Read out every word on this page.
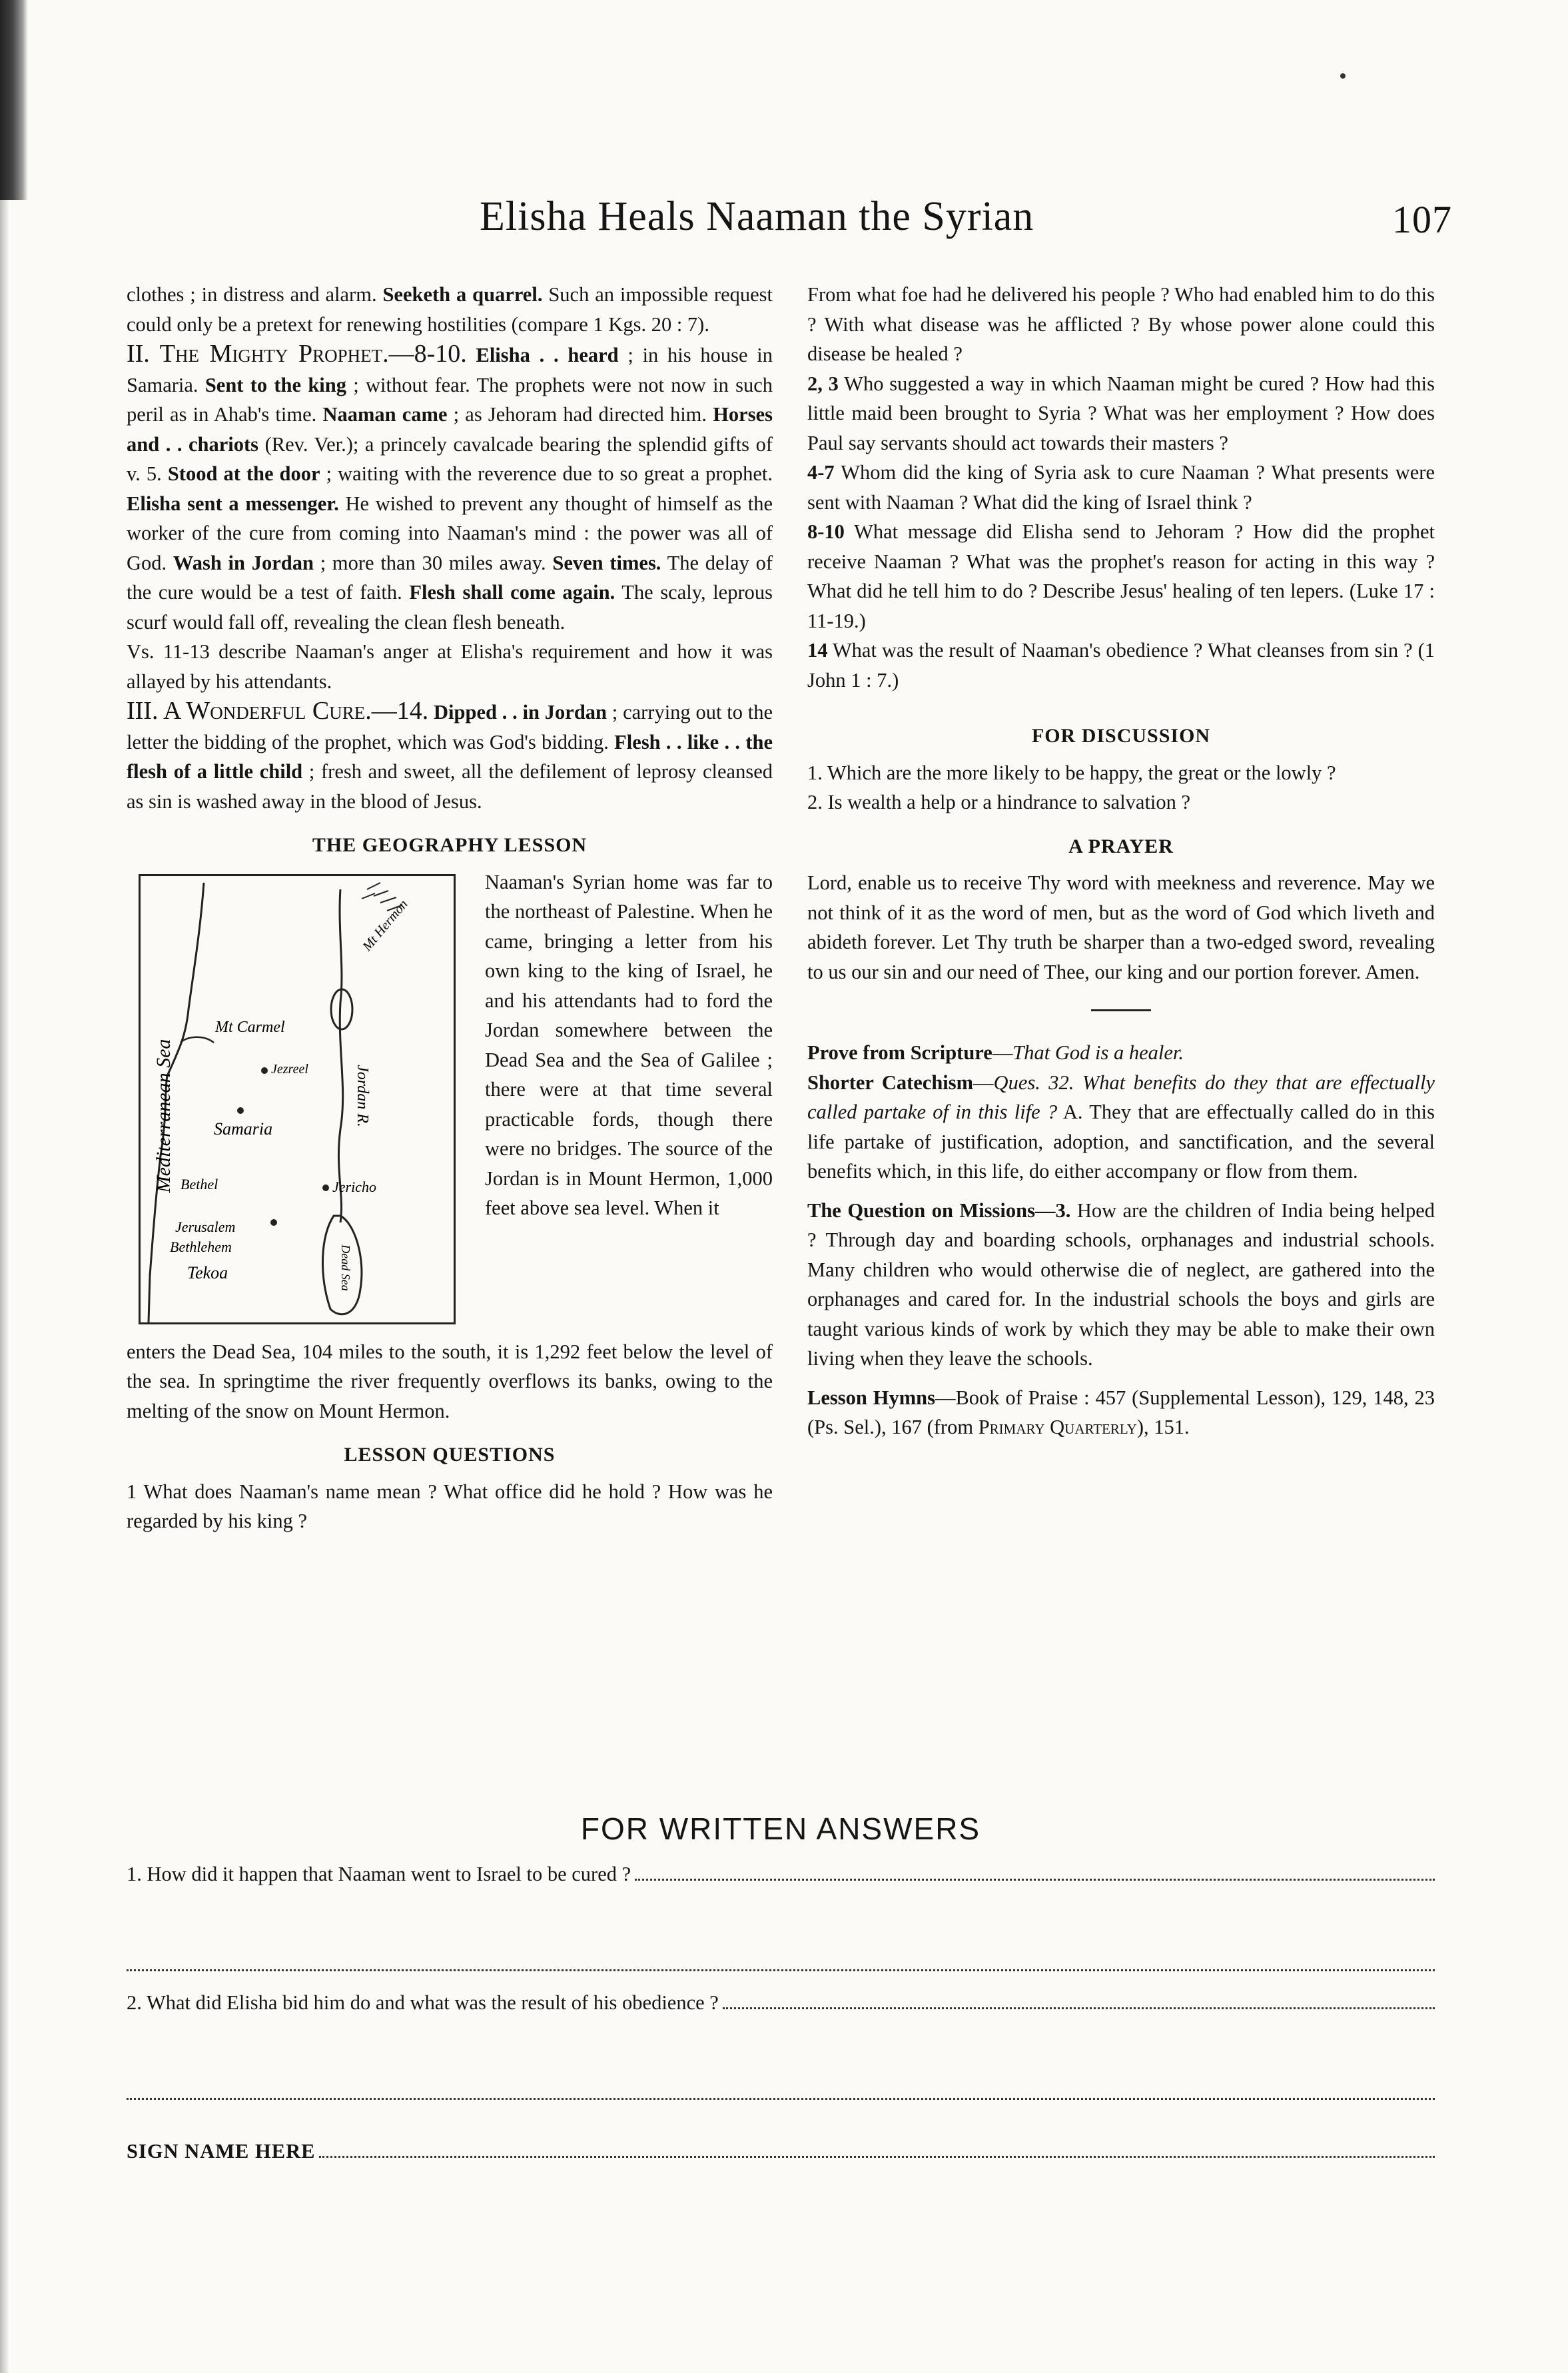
Elisha Heals Naaman the Syrian	107

clothes ; in distress and alarm. Seeketh a quarrel. Such an impossible request could only be a pretext for renewing hostilities (compare 1 Kgs. 20 : 7).

II. The Mighty Prophet.—8-10. Elisha . . heard ; in his house in Samaria. Sent to the king ; without fear. The prophets were not now in such peril as in Ahab's time. Naaman came ; as Jehoram had directed him. Horses and . . chariots (Rev. Ver.); a princely cavalcade bearing the splendid gifts of v. 5. Stood at the door ; waiting with the reverence due to so great a prophet. Elisha sent a messenger. He wished to prevent any thought of himself as the worker of the cure from coming into Naaman's mind : the power was all of God. Wash in Jordan ; more than 30 miles away. Seven times. The delay of the cure would be a test of faith. Flesh shall come again. The scaly, leprous scurf would fall off, revealing the clean flesh beneath.

Vs. 11-13 describe Naaman's anger at Elisha's requirement and how it was allayed by his attendants.

III. A Wonderful Cure.—14. Dipped . . in Jordan ; carrying out to the letter the bidding of the prophet, which was God's bidding. Flesh . . like . . the flesh of a little child ; fresh and sweet, all the defilement of leprosy cleansed as sin is washed away in the blood of Jesus.

THE GEOGRAPHY LESSON

Mediterranean Sea
Mt Hermon
Mt Carmel
Jezreel
Samaria
Jordan R.
Bethel	Jericho
Jerusalem
Bethlehem	Dead Sea
Tekoa
Naaman's Syrian home was far to the northeast of Palestine. When he came, bringing a letter from his own king to the king of Israel, he and his attendants had to ford the Jordan somewhere between the Dead Sea and the Sea of Galilee ; there were at that time several practicable fords, though there were no bridges. The source of the Jordan is in Mount Hermon, 1,000 feet above sea level. When it

enters the Dead Sea, 104 miles to the south, it is 1,292 feet below the level of the sea. In springtime the river frequently overflows its banks, owing to the melting of the snow on Mount Hermon.

LESSON QUESTIONS

1 What does Naaman's name mean ? What office did he hold ? How was he regarded by his king ?

From what foe had he delivered his people ? Who had enabled him to do this ? With what disease was he afflicted ? By whose power alone could this disease be healed ?

2, 3 Who suggested a way in which Naaman might be cured ? How had this little maid been brought to Syria ? What was her employment ? How does Paul say servants should act towards their masters ?

4-7 Whom did the king of Syria ask to cure Naaman ? What presents were sent with Naaman ? What did the king of Israel think ?

8-10 What message did Elisha send to Jehoram ? How did the prophet receive Naaman ? What was the prophet's reason for acting in this way ? What did he tell him to do ? Describe Jesus' healing of ten lepers. (Luke 17 : 11-19.)

14 What was the result of Naaman's obedience ? What cleanses from sin ? (1 John 1 : 7.)

FOR DISCUSSION

1. Which are the more likely to be happy, the great or the lowly ?

2. Is wealth a help or a hindrance to salvation ?

A PRAYER

Lord, enable us to receive Thy word with meekness and reverence. May we not think of it as the word of men, but as the word of God which liveth and abideth forever. Let Thy truth be sharper than a two-edged sword, revealing to us our sin and our need of Thee, our king and our portion forever. Amen.

Prove from Scripture—That God is a healer.

Shorter Catechism—Ques. 32. What benefits do they that are effectually called partake of in this life ? A. They that are effectually called do in this life partake of justification, adoption, and sanctification, and the several benefits which, in this life, do either accompany or flow from them.

The Question on Missions—3. How are the children of India being helped ? Through day and boarding schools, orphanages and industrial schools. Many children who would otherwise die of neglect, are gathered into the orphanages and cared for. In the industrial schools the boys and girls are taught various kinds of work by which they may be able to make their own living when they leave the schools.

Lesson Hymns—Book of Praise : 457 (Supplemental Lesson), 129, 148, 23 (Ps. Sel.), 167 (from Primary Quarterly), 151.

FOR WRITTEN ANSWERS
1. How did it happen that Naaman went to Israel to be cured ?
2. What did Elisha bid him do and what was the result of his obedience ?
SIGN NAME HERE
